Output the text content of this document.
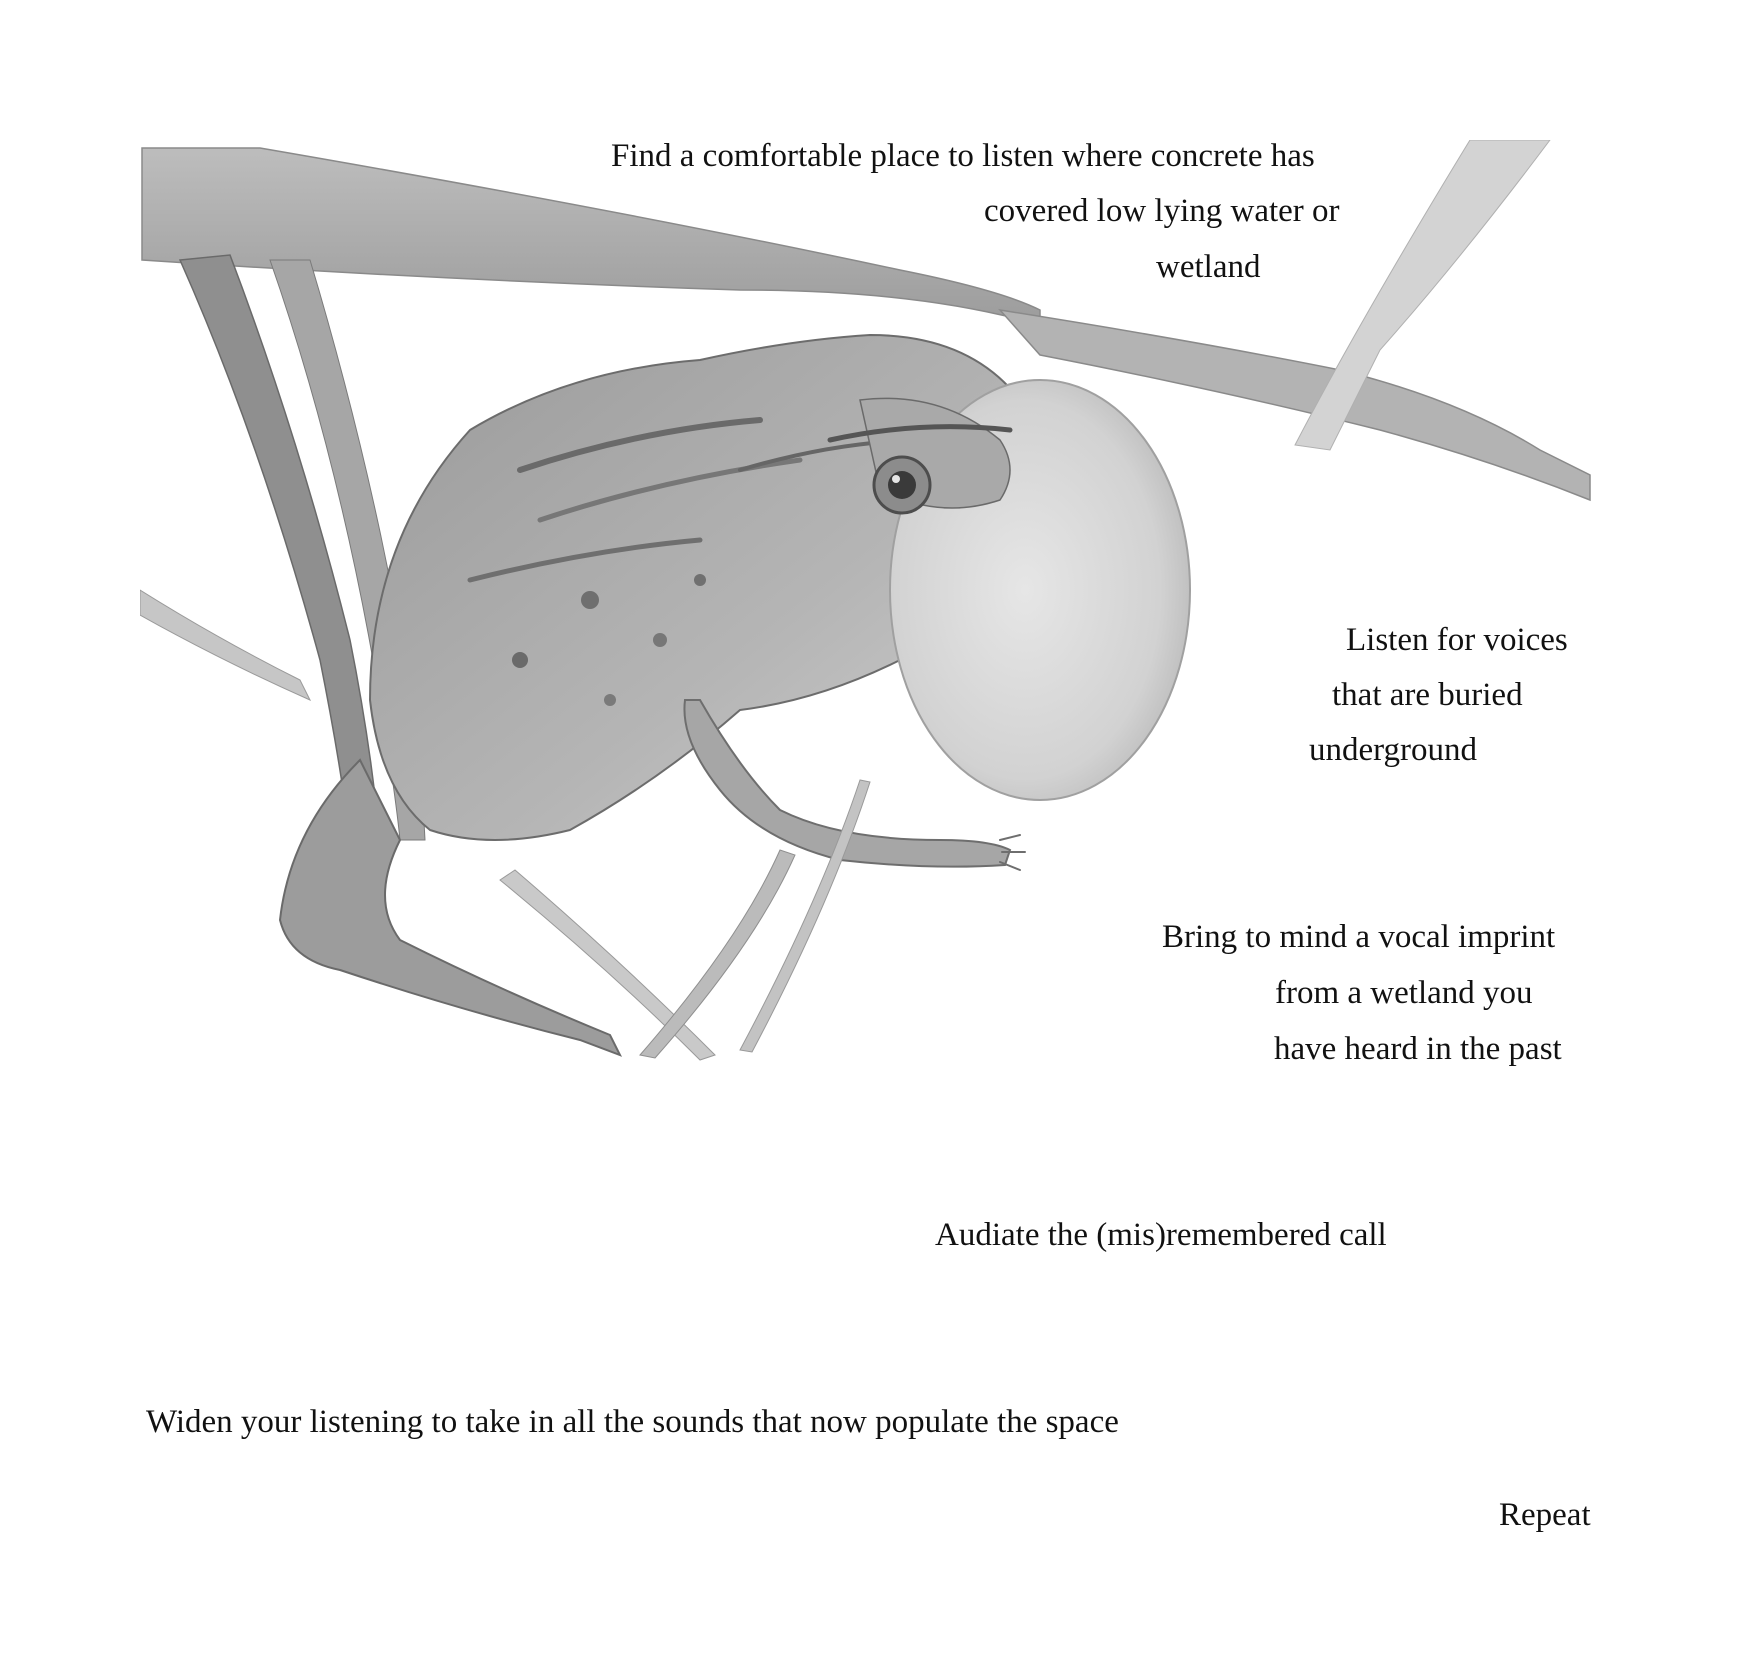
Find a comfortable place to listen where concrete has
covered low lying water or
wetland
Listen for voices
that are buried
underground
Bring to mind a vocal imprint
from a wetland you
have heard in the past
Audiate the (mis)remembered call
Widen your listening to take in all the sounds that now populate the space
Repeat
